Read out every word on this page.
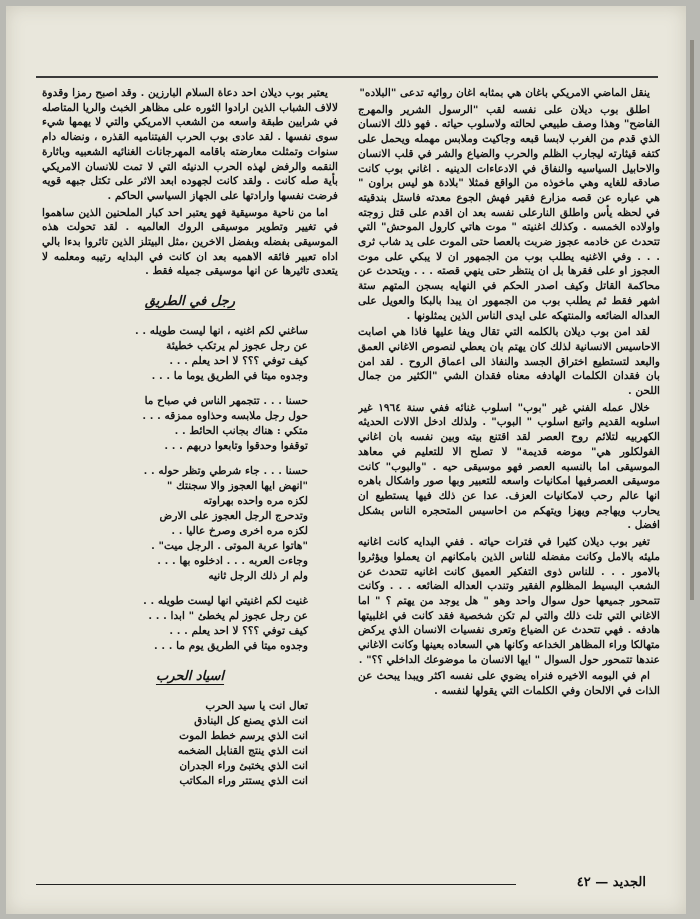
ينقل الماضي الامريكي باغان هي بمثابه اغان روائيه تدعى "البلاده"

اطلق بوب ديلان على نفسه لقب "الرسول الشرير والمهرج الفاضح" وهذا وصف طبيعي لحالته ولاسلوب حياته . فهو ذلك الانسان الذي قدم من الغرب لابسا قبعه وجاكيت وملابس مهمله ويحمل على كتفه قيثارته ليجارب الظلم والحرب والضياع والشر في قلب الانسان والاحابيل السياسيه والنفاق في الادعاءات الدينيه . اغاني بوب كانت صادقه للغايه وهي ماخوذه من الواقع فمثلا "بلادة هو ليس براون " هي عباره عن قصه مزارع فقير فهش الجوع معدته فاستل بندقيته في لحظه يأس واطلق النارعلى نفسه بعد ان اقدم على قتل زوجته واولاده الخمسه . وكذلك اغنيته " موت هاتي كارول الموحش" التي تتحدث عن خادمه عجوز ضربت بالعصا حتى الموت على يد شاب ثرى . . . وفي الاغنيه يطلب بوب من الجمهور ان لا يبكي على موت العجوز او على فقرها بل ان ينتظر حتى ينهي قصته . . . ويتحدث عن محاكمة القاتل وكيف اصدر الحكم في النهايه بسجن المتهم ستة اشهر فقط ثم يطلب بوب من الجمهور ان يبدا بالبكا والعويل على العداله الضائعه والمنتهكه على ايدى الناس الذين يمثلونها .

لقد امن بوب ديلان بالكلمه التي تقال ويفا عليها فاذا هي اصابت الاحاسيس الانسانية لذلك كان يهتم بان يعطي لنصوص الاغاني العمق والبعد لتستطيع اختراق الجسد والنفاذ الى اعماق الروح . لقد امن بان فقدان الكلمات الهادفه معناه فقدان الشي "الكثير من جمال اللحن .

خلال عمله الفني غير "بوب" اسلوب غنائه ففي سنة ١٩٦٤ غير اسلوبه القديم واتبع اسلوب " البوب" . ولذلك ادخل الالات الحديثه الكهربيه لتلائم روح العصر لقد اقتنع بيته وبين نفسه بان اغاني الفولكلور هي" موضه قديمة" لا تصلح الا للتعليم في معاهد الموسيقى اما بالنسبه العصر فهو موسيقى حيه . "والبوب" كانت موسيقى العصرفيها امكانيات واسعه للتعبير وبها صور واشكال باهره انها عالم رحب لامكانيات العزف. عدا عن ذلك فيها يستطيع ان يحارب ويهاجم ويهزا ويتهكم من احاسيس المتحجره الناس بشكل افضل .

تغير بوب ديلان كثيرا في فترات حياته . ففي البدايه كانت اغانيه مليئه بالامل وكانت مفضله للناس الذين بامكانهم ان يعملوا ويؤثروا بالامور . . . للناس ذوى التفكير العميق كانت اغانيه تتحدث عن الشعب البسيط المظلوم الفقير وتندب العداله الضائعه . . . وكانت تتمحور جميعها حول سوال واحد وهو " هل يوجد من يهتم ؟ " اما الاغاني التي تلت ذلك والتي لم تكن شخصية فقد كانت في اغلبيتها هادفه . فهي تتحدث عن الضياع وتعرى نفسيات الانسان الذي يركض متهالكا وراء المظاهر الخداعه وكانها هي السعاده بعينها وكانت الاغاني عندها تتمحور حول السوال " ايها الانسان ما موضوعك الداخلي ؟؟" .

ام في البومه الاخيره فنراه يضوي على نفسه اكثر ويبدا يبحث عن الذات في الالحان وفي الكلمات التي يقولها لنفسه .

يعتبر بوب ديلان احد دعاة السلام البارزين . وقد اصبح رمزا وقدوة لالاف الشباب الذين ارادوا الثوره على مظاهر الخبث والريا المتاصله في شرايين طبقة واسعه من الشعب الامريكي والتي لا يهمها شيء سوى نفسها . لقد عادى بوب الحرب الفيتناميه القذره ، ونضاله دام سنوات وتمثلت معارضته باقامه المهرجانات الغنائيه الشعبيه وباثارة النقمه والرفض لهذه الحرب الدنيئه التي لا تمت للانسان الامريكي بأية صله كانت . ولقد كانت لجهوده ابعد الاثر على تكتل جبهه قويه فرضت نفسها وارادتها على الجهاز السياسي الحاكم .

اما من ناحية موسيقية فهو يعتبر احد كبار الملحنين الذين ساهموا في تغيير وتطوير موسيقى الروك العالميه . لقد تحولت هذه الموسيقى بفضله وبفضل الاخرين ،مثل البيتلز الذين تاثروا بدءا بالي اداه تعبير فائقه الاهميه بعد ان كانت في البدايه رتيبه ومعلمه لا يتعدى تاثيرها عن انها موسيقى جميله فقط .

رجل في الطريق
ساغني لكم اغنيه ، انها ليست طويله . .
عن رجل عجوز لم يرتكب خطيئة
كيف توفي ؟؟؟ لا احد يعلم . . .
وجدوه ميتا في الطريق يوما ما . . .
حسنا . . . تتجمهر الناس في صباح ما
حول رجل ملابسه وحذاوه ممزقه . . .
متكي : هناك بجانب الحائط . .
توقفوا وحدقوا وتابعوا دربهم . . .
حسنا . . . جاء شرطي وتظر حوله . .
"انهض ايها العجوز والا سجنتك "
لكزه مره واحده بهراوته
وتدحرج الرجل العجوز على الارض
لكزه مره اخرى وصرخ عاليا . .
"هاتوا عربة الموتى . الرجل ميت" .
وجاءت العربه . . . ادخلوه بها . . .
ولم ار ذلك الرجل ثانيه
غنيت لكم اغنيتي انها ليست طويله . .
عن رجل عجوز لم يخطئ " ابدا . . .
كيف توفي ؟؟؟ لا احد يعلم . . .
وجدوه ميتا في الطريق يوم ما . . .
اسياد الحرب
تعال انت يا سيد الحرب
انت الذي يصنع كل البنادق
انت الذي يرسم خطط الموت
انت الذي ينتج القنابل الضخمه
انت الذي يختبئ وراء الجدران
انت الذي يستتر وراء المكاتب
الجديد — ٤٢
